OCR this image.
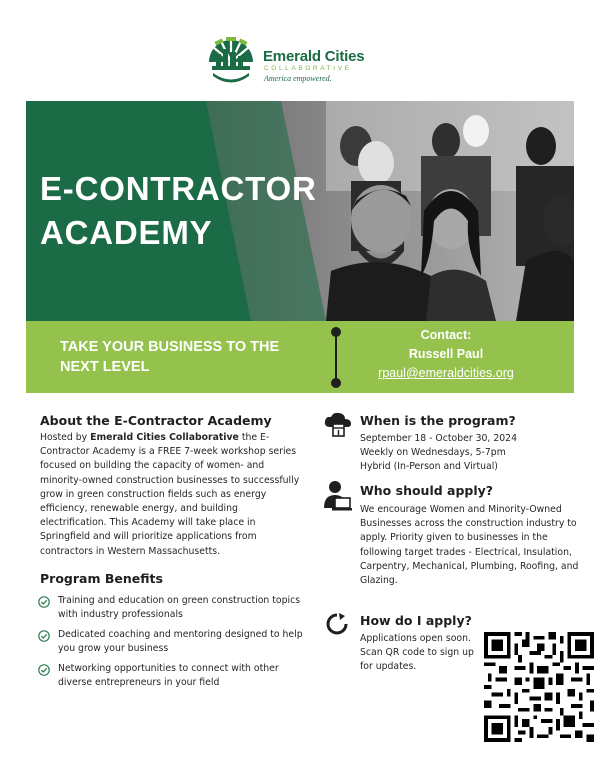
Emerald Cities
COLLABORATIVE
America empowered.
E-CONTRACTOR
ACADEMY
TAKE YOUR BUSINESS TO THE
NEXT LEVEL
Contact:
Russell Paul
rpaul@emeraldcities.org
About the E-Contractor Academy

Hosted by Emerald Cities Collaborative the E-Contractor Academy is a FREE 7-week workshop series focused on building the capacity of women- and minority-owned construction businesses to successfully grow in green construction fields such as energy efficiency, renewable energy, and building electrification. This Academy will take place in Springfield and will prioritize applications from contractors in Western Massachusetts.

Program Benefits
Training and education on green construction topics with industry professionals
Dedicated coaching and mentoring designed to help you grow your business
Networking opportunities to connect with other diverse entrepreneurs in your field
When is the program?
September 18 - October 30, 2024
Weekly on Wednesdays, 5-7pm
Hybrid (In-Person and Virtual)
Who should apply?

We encourage Women and Minority-Owned Businesses across the construction industry to apply. Priority given to businesses in the following target trades - Electrical, Insulation, Carpentry, Mechanical, Plumbing, Roofing, and Glazing.

How do I apply?

Applications open soon. Scan QR code to sign up for updates.
